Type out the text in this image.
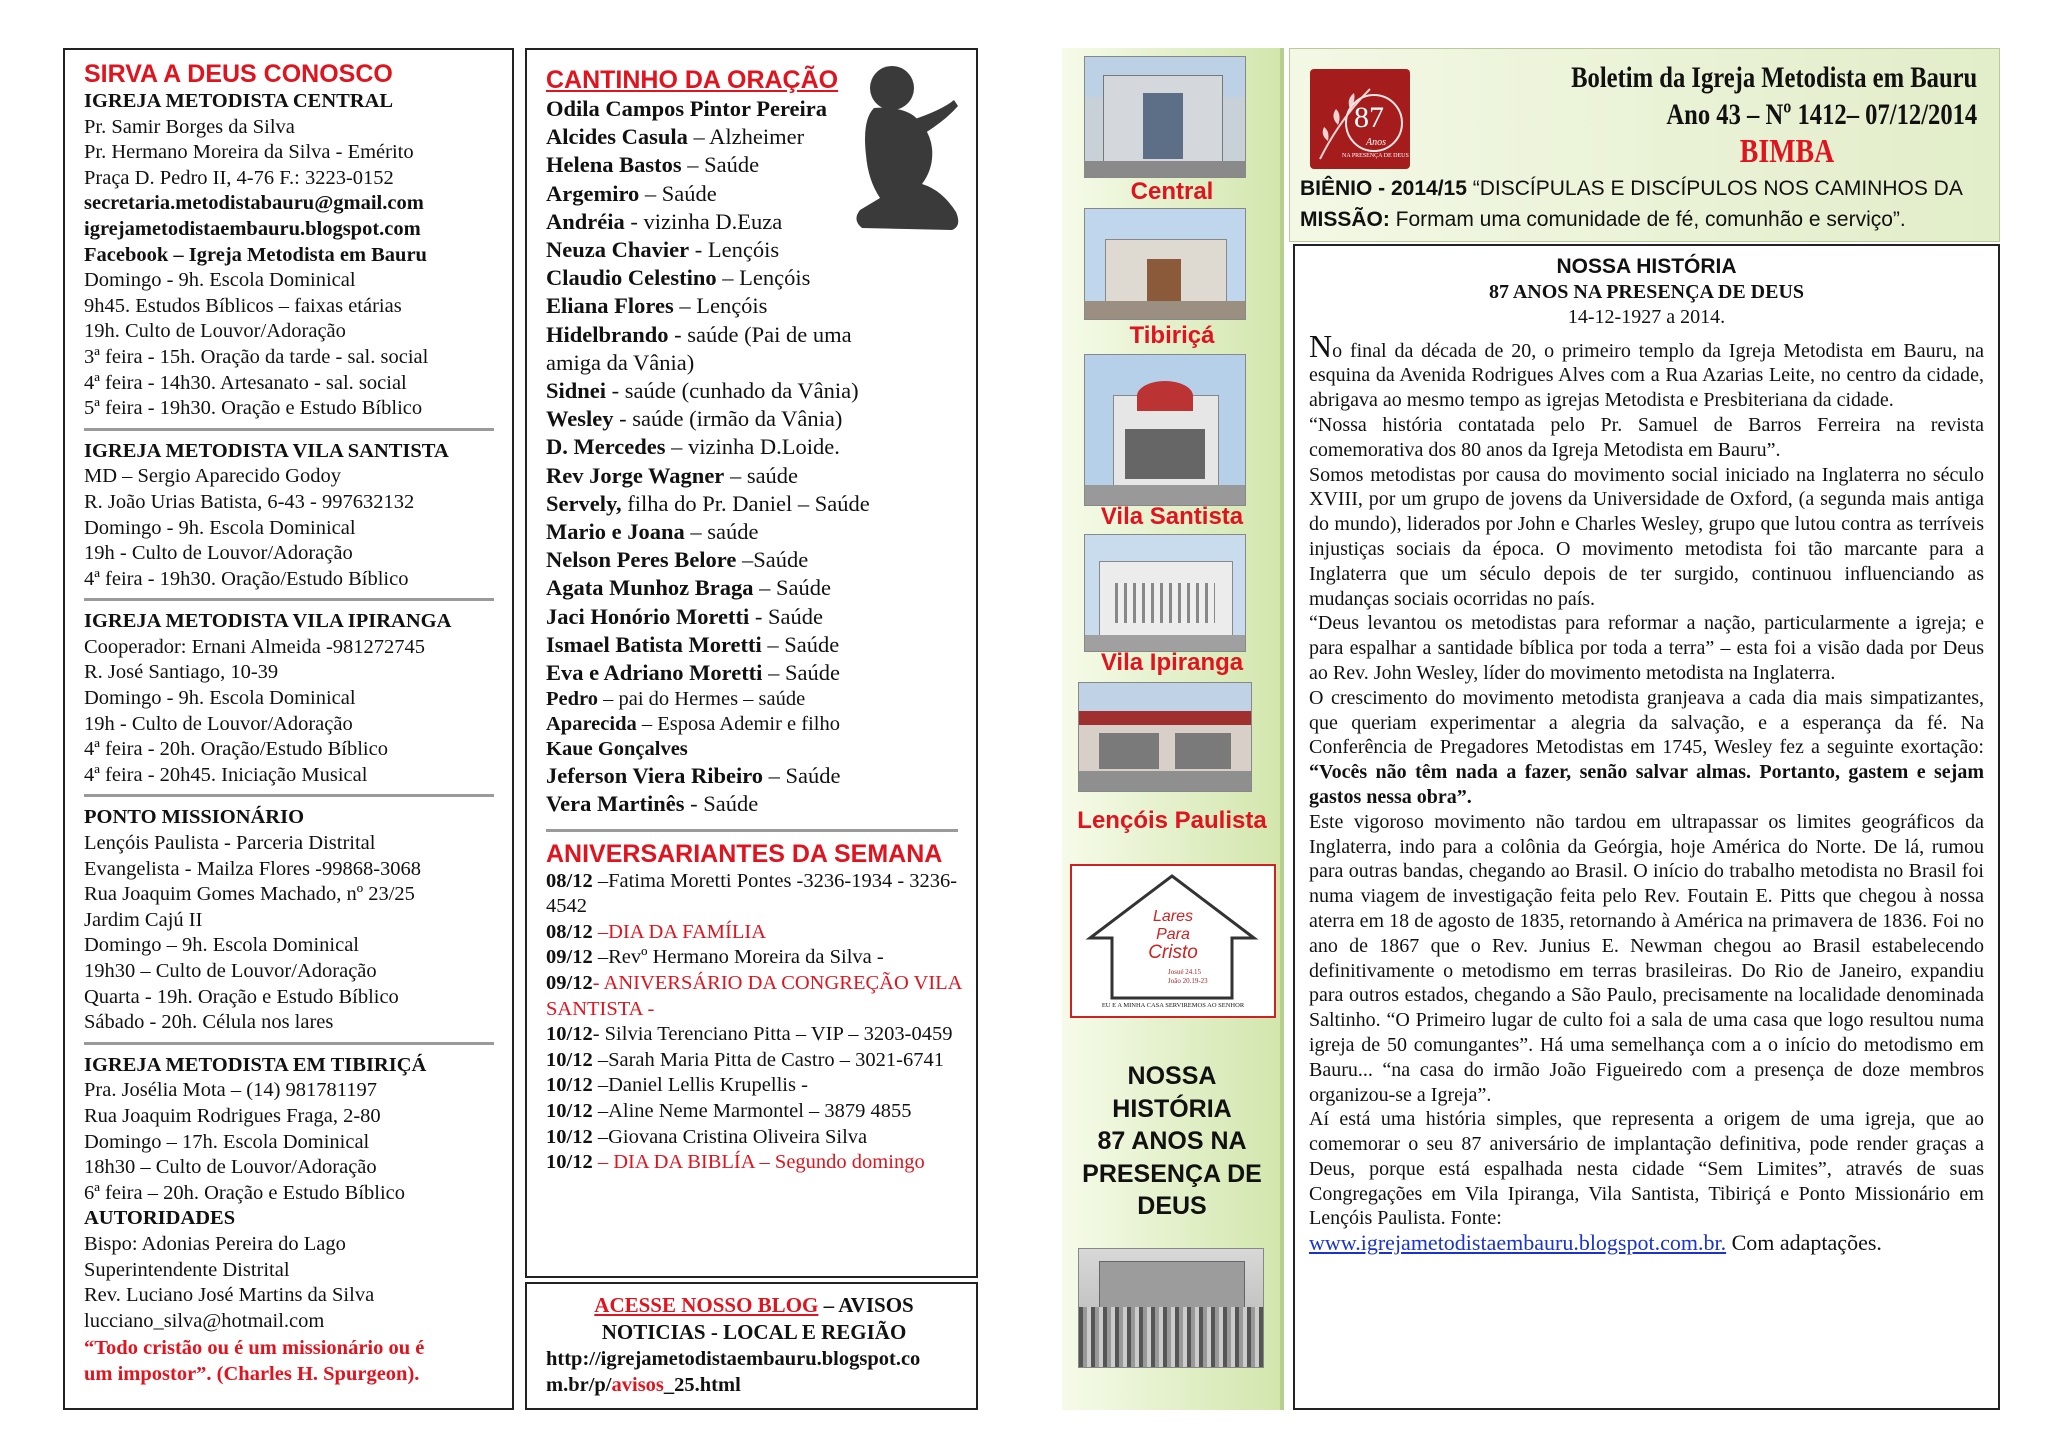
SIRVA A DEUS CONOSCO
IGREJA METODISTA CENTRAL
Pr. Samir Borges da Silva
Pr. Hermano Moreira da Silva - Emérito
Praça D. Pedro II, 4-76 F.: 3223-0152
secretaria.metodistabauru@gmail.com
igrejametodistaembauru.blogspot.com
Facebook – Igreja Metodista em Bauru
Domingo - 9h. Escola Dominical
9h45. Estudos Bíblicos – faixas etárias
19h. Culto de Louvor/Adoração
3ª feira - 15h. Oração da tarde - sal. social
4ª feira - 14h30. Artesanato - sal. social
5ª feira - 19h30. Oração e Estudo Bíblico
IGREJA METODISTA VILA SANTISTA
MD – Sergio Aparecido Godoy
R. João Urias Batista, 6-43 - 997632132
Domingo - 9h. Escola Dominical
19h - Culto de Louvor/Adoração
4ª feira - 19h30. Oração/Estudo Bíblico
IGREJA METODISTA VILA IPIRANGA
Cooperador: Ernani Almeida -981272745
R. José Santiago, 10-39
Domingo - 9h. Escola Dominical
19h - Culto de Louvor/Adoração
4ª feira - 20h. Oração/Estudo Bíblico
4ª feira - 20h45. Iniciação Musical
PONTO MISSIONÁRIO
Lençóis Paulista - Parceria Distrital
Evangelista - Mailza Flores -99868-3068
Rua Joaquim Gomes Machado, nº 23/25
Jardim Cajú II
Domingo – 9h. Escola Dominical
19h30 – Culto de Louvor/Adoração
Quarta - 19h. Oração e Estudo Bíblico
Sábado - 20h. Célula nos lares
IGREJA METODISTA EM TIBIRIÇÁ
Pra. Josélia Mota – (14) 981781197
Rua Joaquim Rodrigues Fraga, 2-80
Domingo – 17h. Escola Dominical
18h30 – Culto de Louvor/Adoração
6ª feira – 20h. Oração e Estudo Bíblico
AUTORIDADES
Bispo: Adonias Pereira do Lago
Superintendente Distrital
Rev. Luciano José Martins da Silva
lucciano_silva@hotmail.com
“Todo cristão ou é um missionário ou é
um impostor”. (Charles H. Spurgeon).
CANTINHO DA ORAÇÃO
Odila Campos Pintor Pereira
Alcides Casula – Alzheimer
Helena Bastos – Saúde
Argemiro – Saúde
Andréia - vizinha D.Euza
Neuza Chavier - Lençóis
Claudio Celestino – Lençóis
Eliana Flores – Lençóis
Hidelbrando - saúde (Pai de uma amiga da Vânia)
Sidnei - saúde (cunhado da Vânia)
Wesley - saúde (irmão da Vânia)
D. Mercedes – vizinha D.Loide.
Rev Jorge Wagner – saúde
Servely, filha do Pr. Daniel – Saúde
Mario e Joana – saúde
Nelson Peres Belore –Saúde
Agata Munhoz Braga – Saúde
Jaci Honório Moretti - Saúde
Ismael Batista Moretti – Saúde
Eva e Adriano Moretti – Saúde
Pedro – pai do Hermes – saúde
Aparecida – Esposa Ademir e filho
Kaue Gonçalves
Jeferson Viera Ribeiro – Saúde
Vera Martinês - Saúde
ANIVERSARIANTES DA SEMANA
08/12 –Fatima Moretti Pontes -3236-1934 - 3236-4542
08/12 –DIA DA FAMÍLIA
09/12 –Revº Hermano Moreira da Silva -
09/12- ANIVERSÁRIO DA CONGREÇÃO VILA SANTISTA -
10/12- Silvia Terenciano Pitta – VIP – 3203-0459
10/12 –Sarah Maria Pitta de Castro – 3021-6741
10/12 –Daniel Lellis Krupellis -
10/12 –Aline Neme Marmontel – 3879 4855
10/12 –Giovana Cristina Oliveira Silva
10/12 – DIA DA BIBLÍA – Segundo domingo
ACESSE NOSSO BLOG – AVISOS
NOTICIAS - LOCAL E REGIÃO
http://igrejametodistaembauru.blogspot.co
m.br/p/avisos_25.html
Central
Tibiriçá
Vila Santista
Vila Ipiranga
Lençóis Paulista
Lares
Para
Cristo
Josué 24.15
João 20.19-23
EU E A MINHA CASA SERVIREMOS AO SENHOR
NOSSA
HISTÓRIA
87 ANOS NA
PRESENÇA DE
DEUS
87
Anos
NA PRESENÇA DE DEUS
Boletim da Igreja Metodista em Bauru
Ano 43 – Nº 1412– 07/12/2014
BIMBA
BIÊNIO - 2014/15 “DISCÍPULAS E DISCÍPULOS NOS CAMINHOS DA
MISSÃO: Formam uma comunidade de fé, comunhão e serviço”.
NOSSA HISTÓRIA
87 ANOS NA PRESENÇA DE DEUS
14-12-1927 a 2014.

No final da década de 20, o primeiro templo da Igreja Metodista em Bauru, na esquina da Avenida Rodrigues Alves com a Rua Azarias Leite, no centro da cidade, abrigava ao mesmo tempo as igrejas Metodista e Presbiteriana da cidade.

“Nossa história contatada pelo Pr. Samuel de Barros Ferreira na revista comemorativa dos 80 anos da Igreja Metodista em Bauru”.

Somos metodistas por causa do movimento social iniciado na Inglaterra no século XVIII, por um grupo de jovens da Universidade de Oxford, (a segunda mais antiga do mundo), liderados por John e Charles Wesley, grupo que lutou contra as terríveis injustiças sociais da época. O movimento metodista foi tão marcante para a Inglaterra que um século depois de ter surgido, continuou influenciando as mudanças sociais ocorridas no país.

“Deus levantou os metodistas para reformar a nação, particularmente a igreja; e para espalhar a santidade bíblica por toda a terra” – esta foi a visão dada por Deus ao Rev. John Wesley, líder do movimento metodista na Inglaterra.

O crescimento do movimento metodista granjeava a cada dia mais simpatizantes, que queriam experimentar a alegria da salvação, e a esperança da fé. Na Conferência de Pregadores Metodistas em 1745, Wesley fez a seguinte exortação: “Vocês não têm nada a fazer, senão salvar almas. Portanto, gastem e sejam gastos nessa obra”.

Este vigoroso movimento não tardou em ultrapassar os limites geográficos da Inglaterra, indo para a colônia da Geórgia, hoje América do Norte. De lá, rumou para outras bandas, chegando ao Brasil. O início do trabalho metodista no Brasil foi numa viagem de investigação feita pelo Rev. Foutain E. Pitts que chegou à nossa aterra em 18 de agosto de 1835, retornando à América na primavera de 1836. Foi no ano de 1867 que o Rev. Junius E. Newman chegou ao Brasil estabelecendo definitivamente o metodismo em terras brasileiras. Do Rio de Janeiro, expandiu para outros estados, chegando a São Paulo, precisamente na localidade denominada Saltinho. “O Primeiro lugar de culto foi a sala de uma casa que logo resultou numa igreja de 50 comungantes”. Há uma semelhança com a o início do metodismo em Bauru... “na casa do irmão João Figueiredo com a presença de doze membros organizou-se a Igreja”.

Aí está uma história simples, que representa a origem de uma igreja, que ao comemorar o seu 87 aniversário de implantação definitiva, pode render graças a Deus, porque está espalhada nesta cidade “Sem Limites”, através de suas Congregações em Vila Ipiranga, Vila Santista, Tibiriçá e Ponto Missionário em Lençóis Paulista. Fonte:
www.igrejametodistaembauru.blogspot.com.br. Com adaptações.
